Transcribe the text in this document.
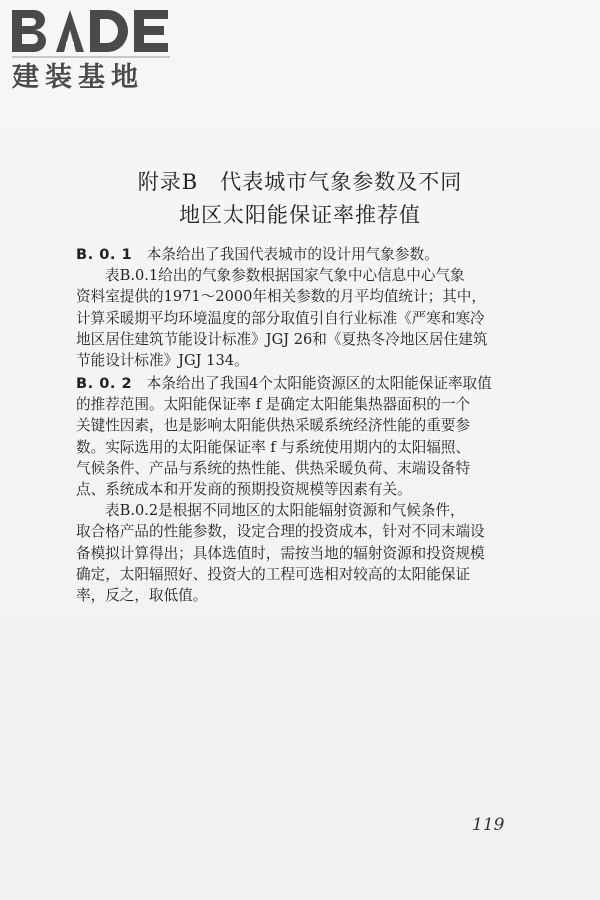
建装基地
附录B　代表城市气象参数及不同
地区太阳能保证率推荐值
B. 0. 1　本条给出了我国代表城市的设计用气象参数。
表B.0.1给出的气象参数根据国家气象中心信息中心气象
资料室提供的1971～2000年相关参数的月平均值统计；其中，
计算采暖期平均环境温度的部分取值引自行业标准《严寒和寒冷
地区居住建筑节能设计标准》JGJ 26和《夏热冬冷地区居住建筑
节能设计标准》JGJ 134。
B. 0. 2　本条给出了我国4个太阳能资源区的太阳能保证率取值
的推荐范围。太阳能保证率 f 是确定太阳能集热器面积的一个
关键性因素，也是影响太阳能供热采暖系统经济性能的重要参
数。实际选用的太阳能保证率 f 与系统使用期内的太阳辐照、
气候条件、产品与系统的热性能、供热采暖负荷、末端设备特
点、系统成本和开发商的预期投资规模等因素有关。
表B.0.2是根据不同地区的太阳能辐射资源和气候条件，
取合格产品的性能参数，设定合理的投资成本，针对不同末端设
备模拟计算得出；具体选值时，需按当地的辐射资源和投资规模
确定，太阳辐照好、投资大的工程可选相对较高的太阳能保证
率，反之，取低值。
119
